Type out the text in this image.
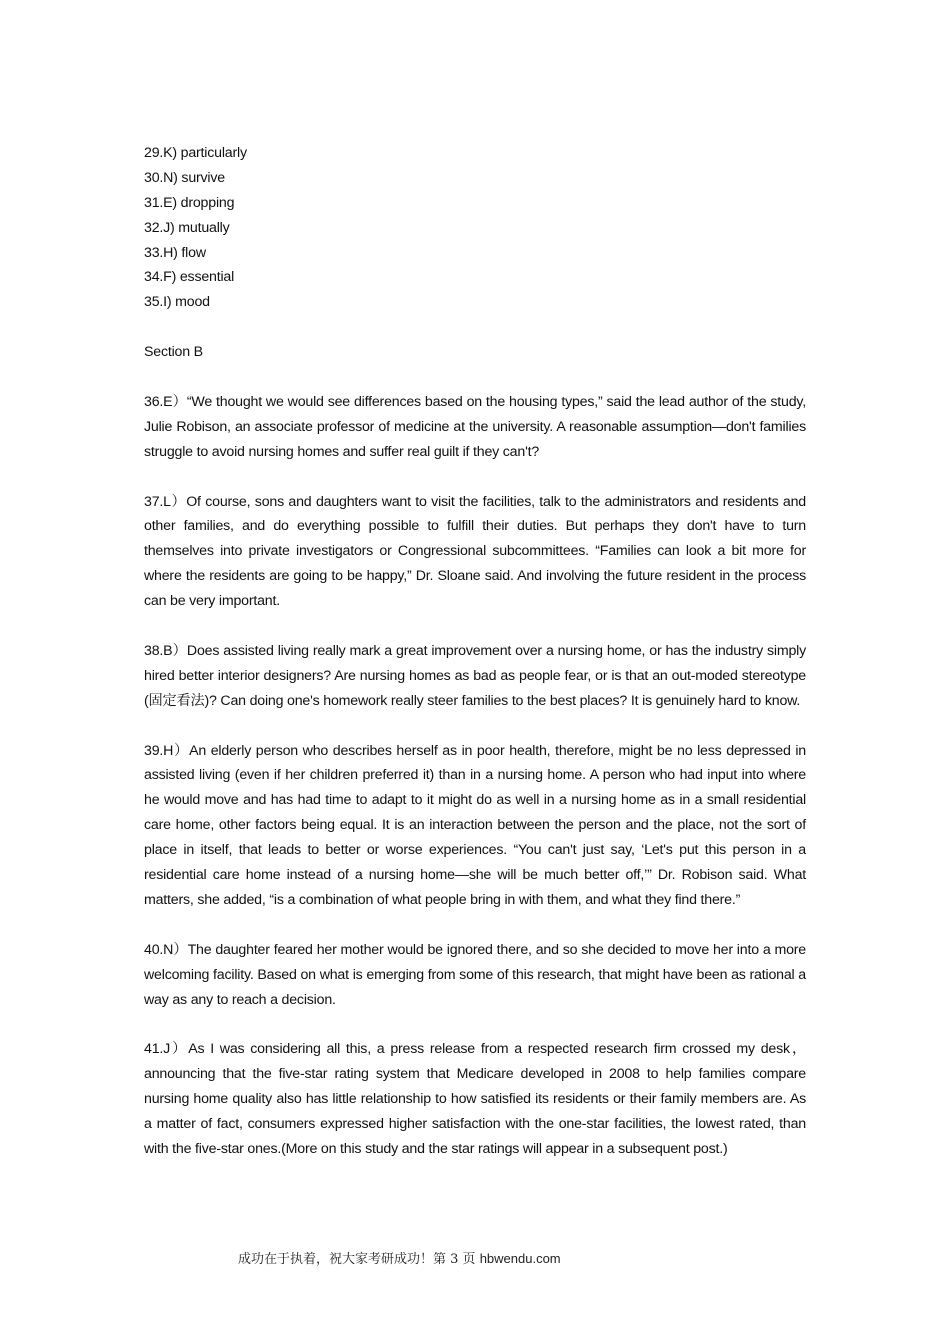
29.K) particularly
30.N) survive
31.E) dropping
32.J) mutually
33.H) flow
34.F) essential
35.I) mood

Section B

36.E）“We thought we would see differences based on the housing types,” said the lead author of the study, Julie Robison, an associate professor of medicine at the university. A reasonable assumption—don't families struggle to avoid nursing homes and suffer real guilt if they can't?

37.L）Of course, sons and daughters want to visit the facilities, talk to the administrators and residents and other families, and do everything possible to fulfill their duties. But perhaps they don't have to turn themselves into private investigators or Congressional subcommittees. “Families can look a bit more for where the residents are going to be happy,” Dr. Sloane said. And involving the future resident in the process can be very important.

38.B）Does assisted living really mark a great improvement over a nursing home, or has the industry simply hired better interior designers? Are nursing homes as bad as people fear, or is that an out-moded stereotype (固定看法)? Can doing one's homework really steer families to the best places? It is genuinely hard to know.

39.H）An elderly person who describes herself as in poor health, therefore, might be no less depressed in assisted living (even if her children preferred it) than in a nursing home. A person who had input into where he would move and has had time to adapt to it might do as well in a nursing home as in a small residential care home, other factors being equal. It is an interaction between the person and the place, not the sort of place in itself, that leads to better or worse experiences. “You can't just say, ‘Let's put this person in a residential care home instead of a nursing home—she will be much better off,’” Dr. Robison said. What matters, she added, “is a combination of what people bring in with them, and what they find there.”

40.N）The daughter feared her mother would be ignored there, and so she decided to move her into a more welcoming facility. Based on what is emerging from some of this research, that might have been as rational a way as any to reach a decision.

41.J）As I was considering all this, a press release from a respected research firm crossed my desk， announcing that the five-star rating system that Medicare developed in 2008 to help families compare nursing home quality also has little relationship to how satisfied its residents or their family members are. As a matter of fact, consumers expressed higher satisfaction with the one-star facilities, the lowest rated, than with the five-star ones.(More on this study and the star ratings will appear in a subsequent post.)

成功在于执着，祝大家考研成功！第 3 页 hbwendu.com
